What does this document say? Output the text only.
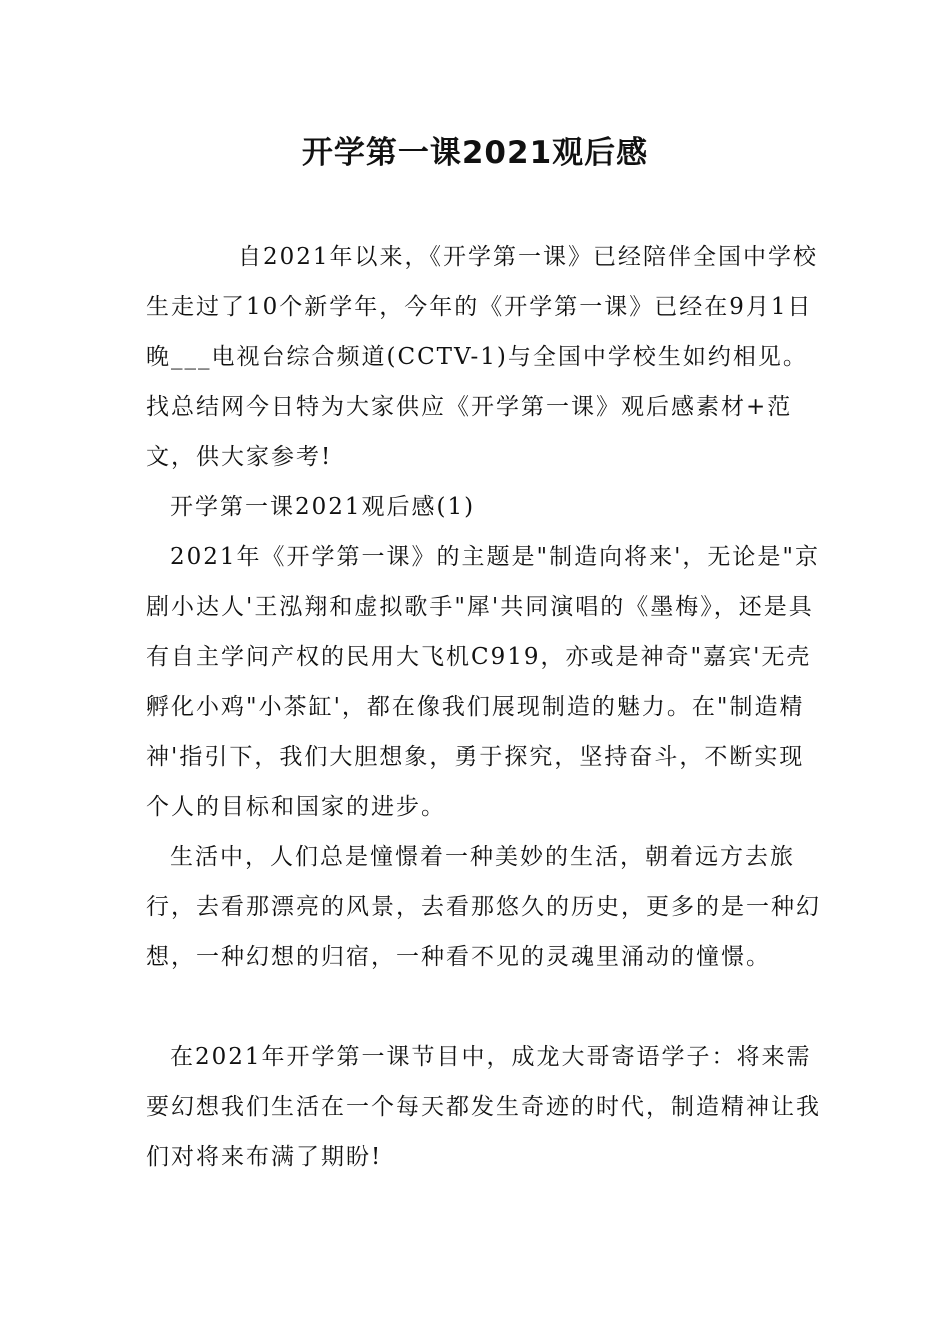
开学第一课2021观后感

自2021年以来，《开学第一课》已经陪伴全国中学校生走过了10个新学年，今年的《开学第一课》已经在9月1日晚___电视台综合频道(CCTV-1)与全国中学校生如约相见。找总结网今日特为大家供应《开学第一课》观后感素材+范文，供大家参考!

开学第一课2021观后感(1)

2021年《开学第一课》的主题是"制造向将来'，无论是"京剧小达人'王泓翔和虚拟歌手"犀'共同演唱的《墨梅》，还是具有自主学问产权的民用大飞机C919，亦或是神奇"嘉宾'无壳孵化小鸡"小茶缸'，都在像我们展现制造的魅力。在"制造精神'指引下，我们大胆想象，勇于探究，坚持奋斗，不断实现个人的目标和国家的进步。

生活中，人们总是憧憬着一种美妙的生活，朝着远方去旅行，去看那漂亮的风景，去看那悠久的历史，更多的是一种幻想，一种幻想的归宿，一种看不见的灵魂里涌动的憧憬。

在2021年开学第一课节目中，成龙大哥寄语学子：将来需要幻想我们生活在一个每天都发生奇迹的时代，制造精神让我们对将来布满了期盼!
